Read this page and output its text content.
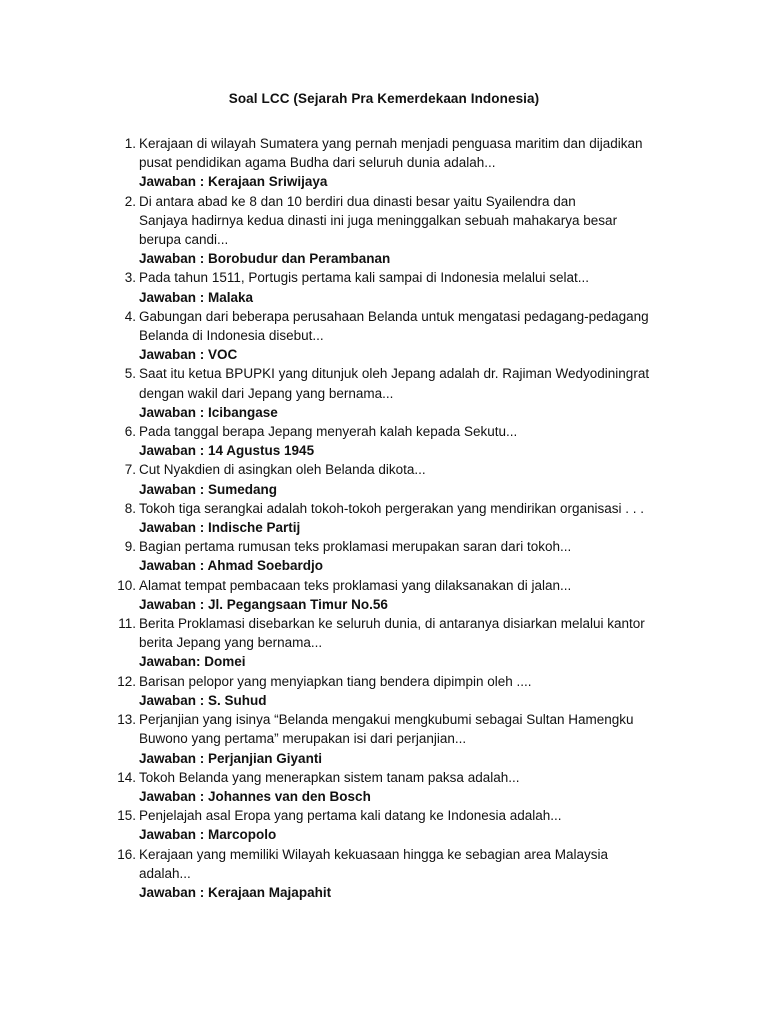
Soal LCC (Sejarah Pra Kemerdekaan Indonesia)
1 . Kerajaan di wilayah Sumatera yang pernah menjadi penguasa maritim dan dijadikan
pusat pendidikan agama Budha dari seluruh dunia adalah...
Jawaban : Kerajaan Sriwijaya
2 . Di antara abad ke 8 dan 10 berdiri dua dinasti besar yaitu Syailendra dan
Sanjaya hadirnya kedua dinasti ini juga meninggalkan sebuah mahakarya besar
berupa candi...
Jawaban : Borobudur dan Perambanan
3 . Pada tahun 1511, Portugis pertama kali sampai di Indonesia melalui selat...
Jawaban : Malaka
4 . Gabungan dari beberapa perusahaan Belanda untuk mengatasi pedagang-pedagang
Belanda di Indonesia disebut...
Jawaban : VOC
5 . Saat itu ketua BPUPKI yang ditunjuk oleh Jepang adalah dr. Rajiman Wedyodiningrat
dengan wakil dari Jepang yang bernama...
Jawaban : Icibangase
6 . Pada tanggal berapa Jepang menyerah kalah kepada Sekutu...
Jawaban : 14 Agustus 1945
7 . Cut Nyakdien di asingkan oleh Belanda dikota...
Jawaban : Sumedang
8 . Tokoh tiga serangkai adalah tokoh-tokoh pergerakan yang mendirikan organisasi . . .
Jawaban : Indische Partij
9 . Bagian pertama rumusan teks proklamasi merupakan saran dari tokoh...
Jawaban : Ahmad Soebardjo
10 . Alamat tempat pembacaan teks proklamasi yang dilaksanakan di jalan...
Jawaban : Jl. Pegangsaan Timur No.56
11 . Berita Proklamasi disebarkan ke seluruh dunia, di antaranya disiarkan melalui kantor
berita Jepang yang bernama...
Jawaban: Domei
12 . Barisan pelopor yang menyiapkan tiang bendera dipimpin oleh ....
Jawaban : S. Suhud
13 . Perjanjian yang isinya “Belanda mengakui mengkubumi sebagai Sultan Hamengku
Buwono yang pertama” merupakan isi dari perjanjian...
Jawaban : Perjanjian Giyanti
14 . Tokoh Belanda yang menerapkan sistem tanam paksa adalah...
Jawaban : Johannes van den Bosch
15 . Penjelajah asal Eropa yang pertama kali datang ke Indonesia adalah...
Jawaban : Marcopolo
16 . Kerajaan yang memiliki Wilayah kekuasaan hingga ke sebagian area Malaysia
adalah...
Jawaban : Kerajaan Majapahit
